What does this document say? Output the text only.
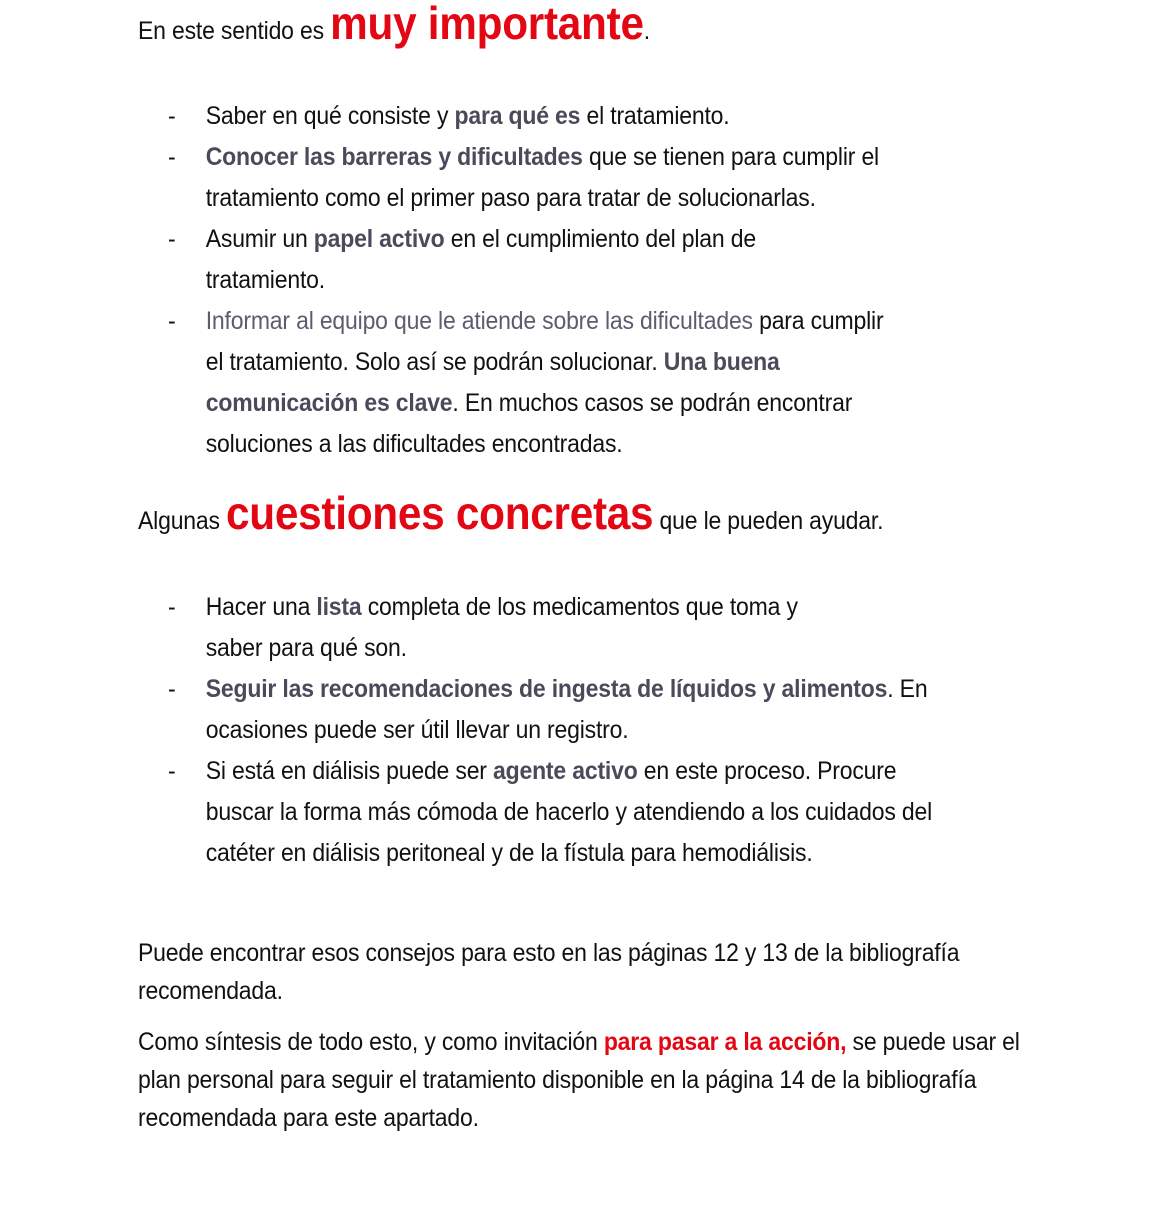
En este sentido es muy importante.
- Saber en qué consiste y para qué es el tratamiento.
- Conocer las barreras y dificultades que se tienen para cumplir el tratamiento como el primer paso para tratar de solucionarlas.
- Asumir un papel activo en el cumplimiento del plan de tratamiento.
- Informar al equipo que le atiende sobre las dificultades para cumplir el tratamiento. Solo así se podrán solucionar. Una buena comunicación es clave. En muchos casos se podrán encontrar soluciones a las dificultades encontradas.
Algunas cuestiones concretas que le pueden ayudar.
- Hacer una lista completa de los medicamentos que toma y saber para qué son.
- Seguir las recomendaciones de ingesta de líquidos y alimentos. En ocasiones puede ser útil llevar un registro.
- Si está en diálisis puede ser agente activo en este proceso. Procure buscar la forma más cómoda de hacerlo y atendiendo a los cuidados del catéter en diálisis peritoneal y de la fístula para hemodiálisis.
Puede encontrar esos consejos para esto en las páginas 12 y 13 de la bibliografía recomendada.
Como síntesis de todo esto, y como invitación para pasar a la acción, se puede usar el plan personal para seguir el tratamiento disponible en la página 14 de la bibliografía recomendada para este apartado.
